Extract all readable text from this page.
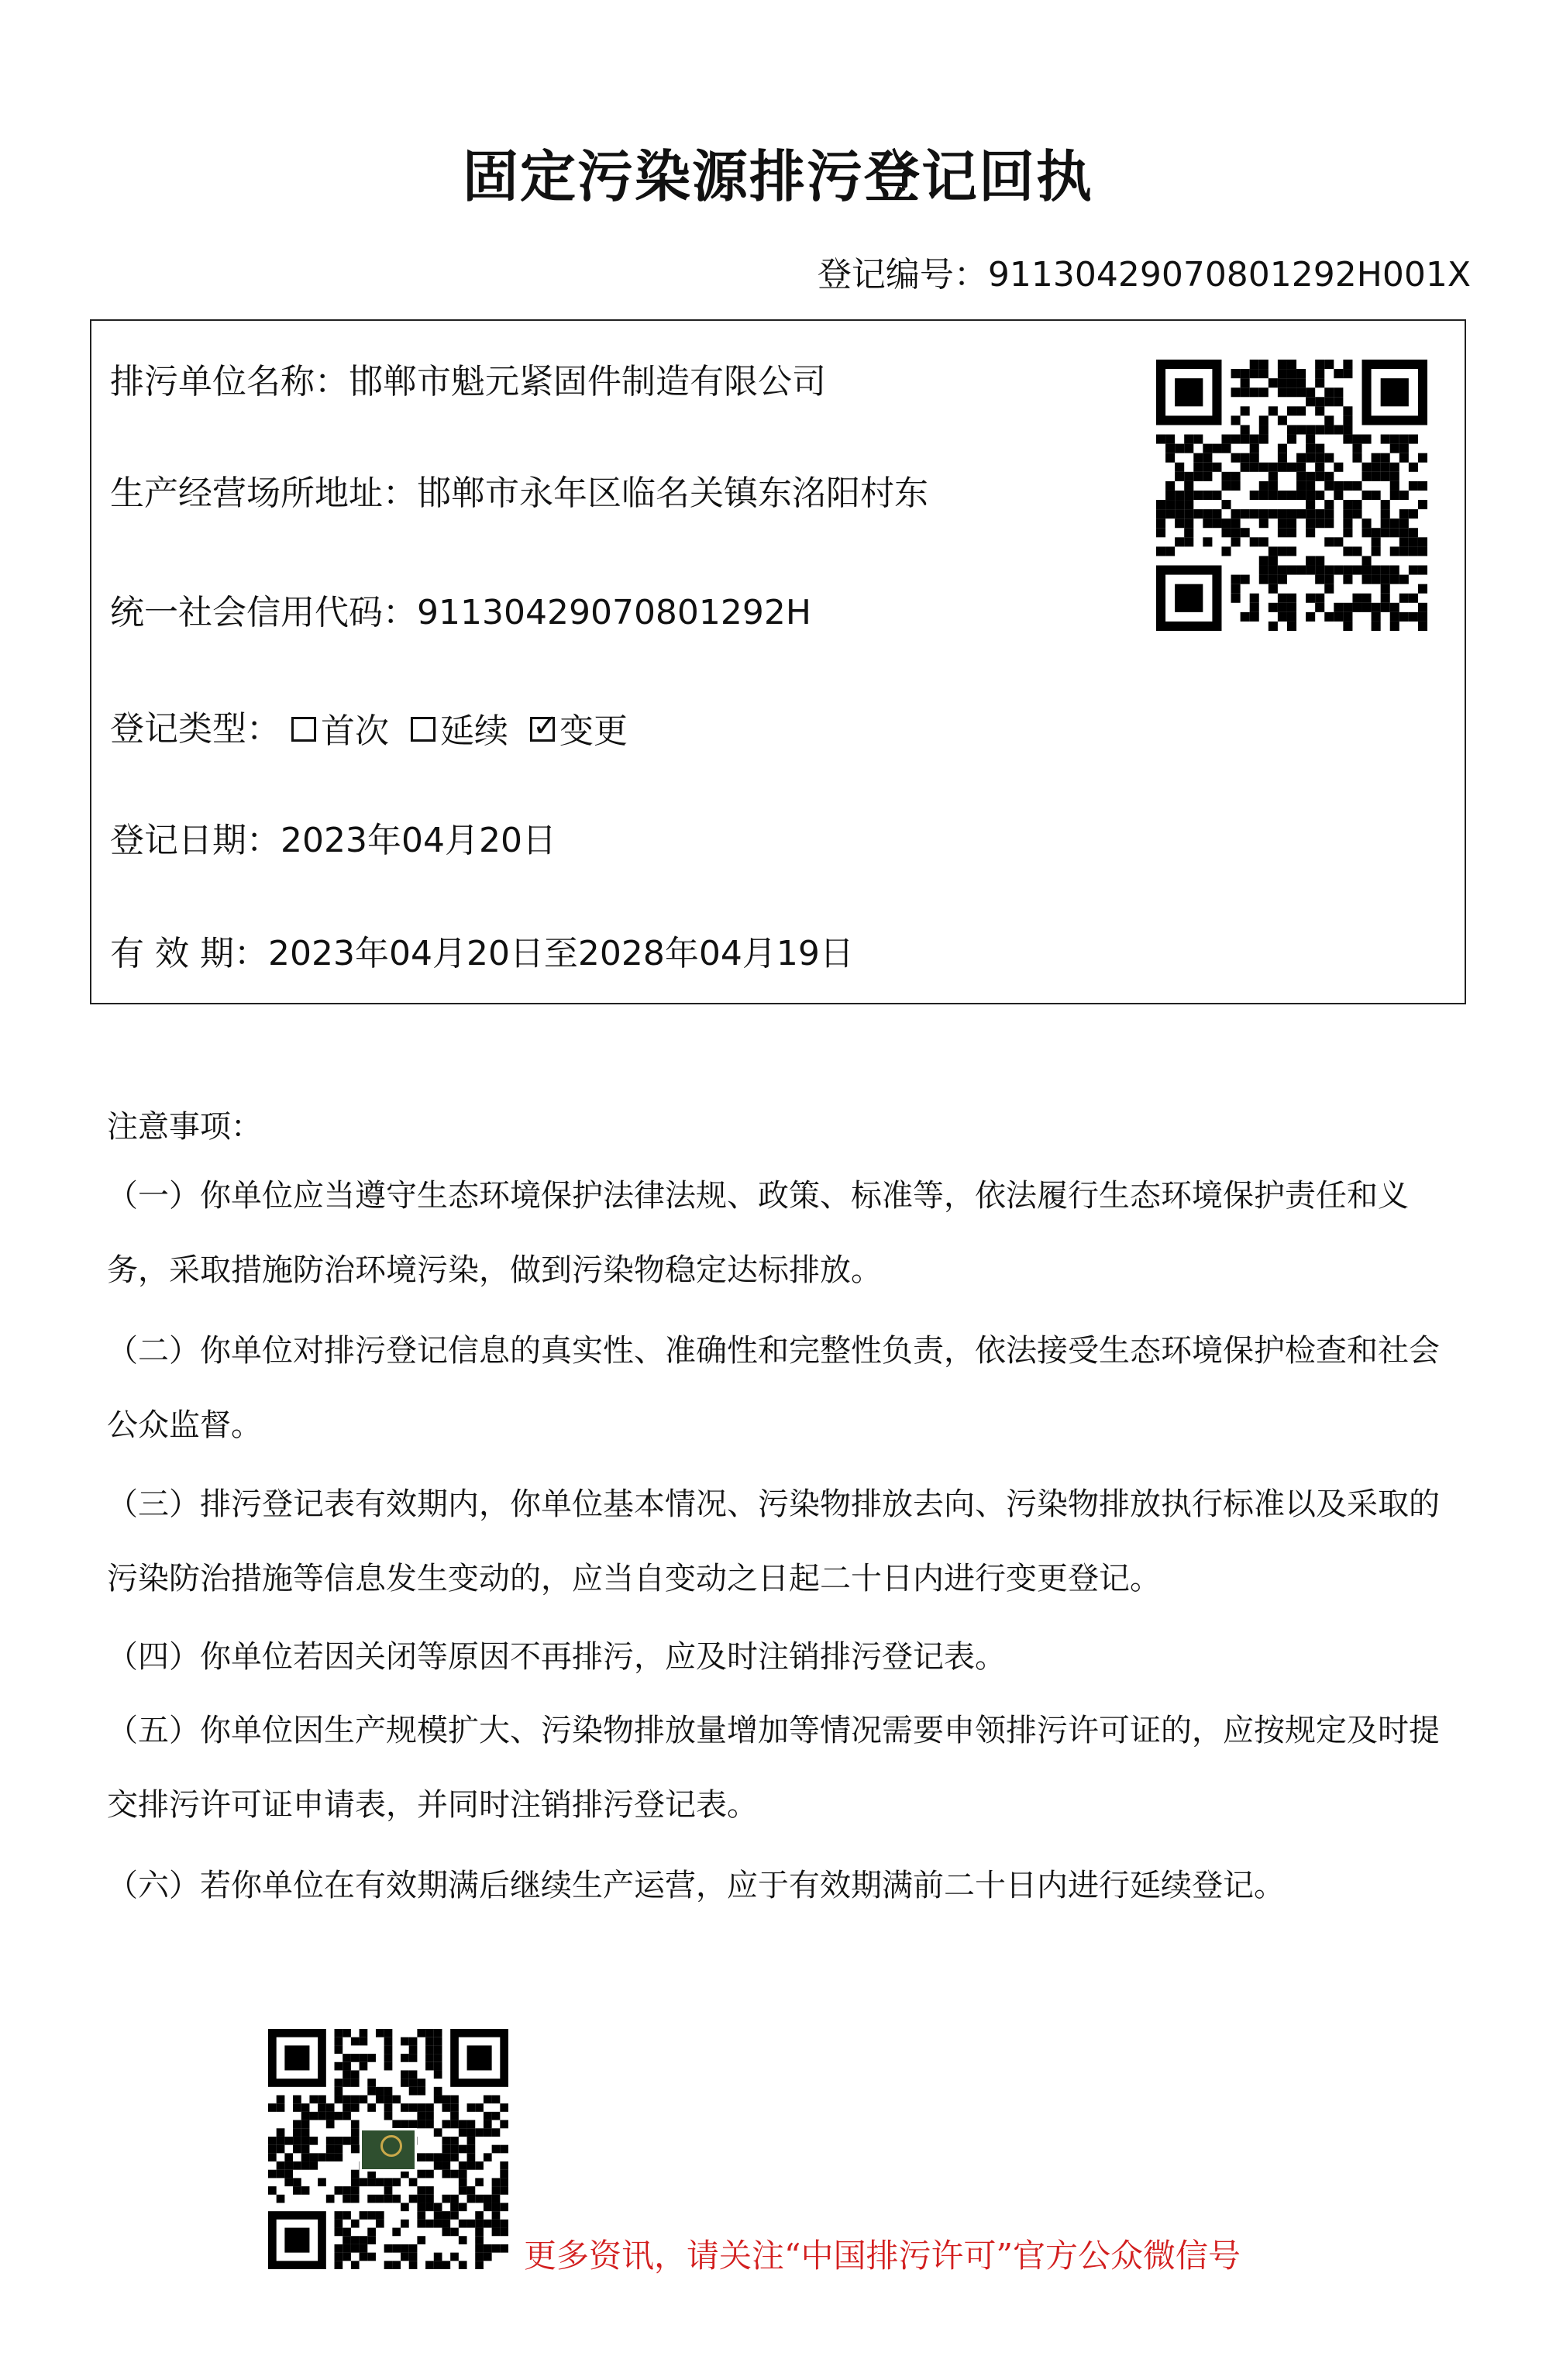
固定污染源排污登记回执
登记编号：91130429070801292H001X
排污单位名称：邯郸市魁元紧固件制造有限公司
生产经营场所地址：邯郸市永年区临名关镇东洺阳村东
统一社会信用代码：91130429070801292H
登记类型： 首次
延续

✓ 变更
登记日期：2023年04月20日
有 效 期：2023年04月20日至2028年04月19日
注意事项：
（一）你单位应当遵守生态环境保护法律法规、政策、标准等，依法履行生态环境保护责任和义务，采取措施防治环境污染，做到污染物稳定达标排放。
（二）你单位对排污登记信息的真实性、准确性和完整性负责，依法接受生态环境保护检查和社会公众监督。
（三）排污登记表有效期内，你单位基本情况、污染物排放去向、污染物排放执行标准以及采取的污染防治措施等信息发生变动的，应当自变动之日起二十日内进行变更登记。
（四）你单位若因关闭等原因不再排污，应及时注销排污登记表。
（五）你单位因生产规模扩大、污染物排放量增加等情况需要申领排污许可证的，应按规定及时提交排污许可证申请表，并同时注销排污登记表。
（六）若你单位在有效期满后继续生产运营，应于有效期满前二十日内进行延续登记。
更多资讯，请关注“中国排污许可”官方公众微信号
